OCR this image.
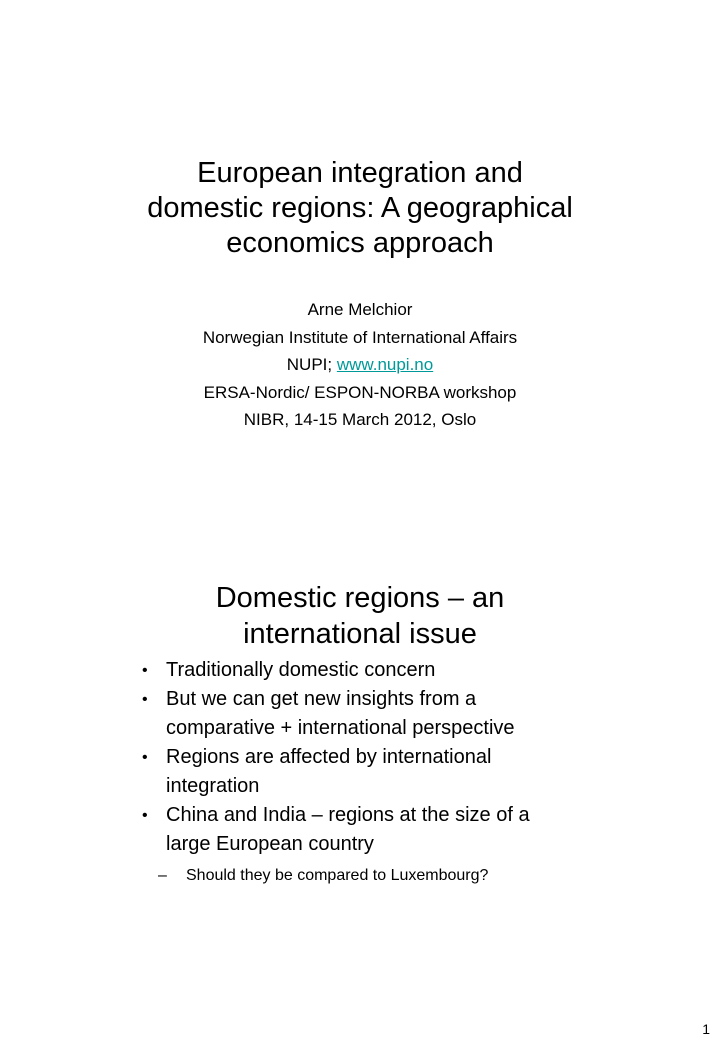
European integration and
domestic regions: A geographical
economics approach
Arne Melchior
Norwegian Institute of International Affairs
NUPI; www.nupi.no
ERSA-Nordic/ ESPON-NORBA workshop
NIBR, 14-15 March 2012, Oslo
Domestic regions – an
international issue
• Traditionally domestic concern
• But we can get new insights from a
comparative + international perspective
• Regions are affected by international
integration
• China and India – regions at the size of a
large European country
– Should they be compared to Luxembourg?
1
